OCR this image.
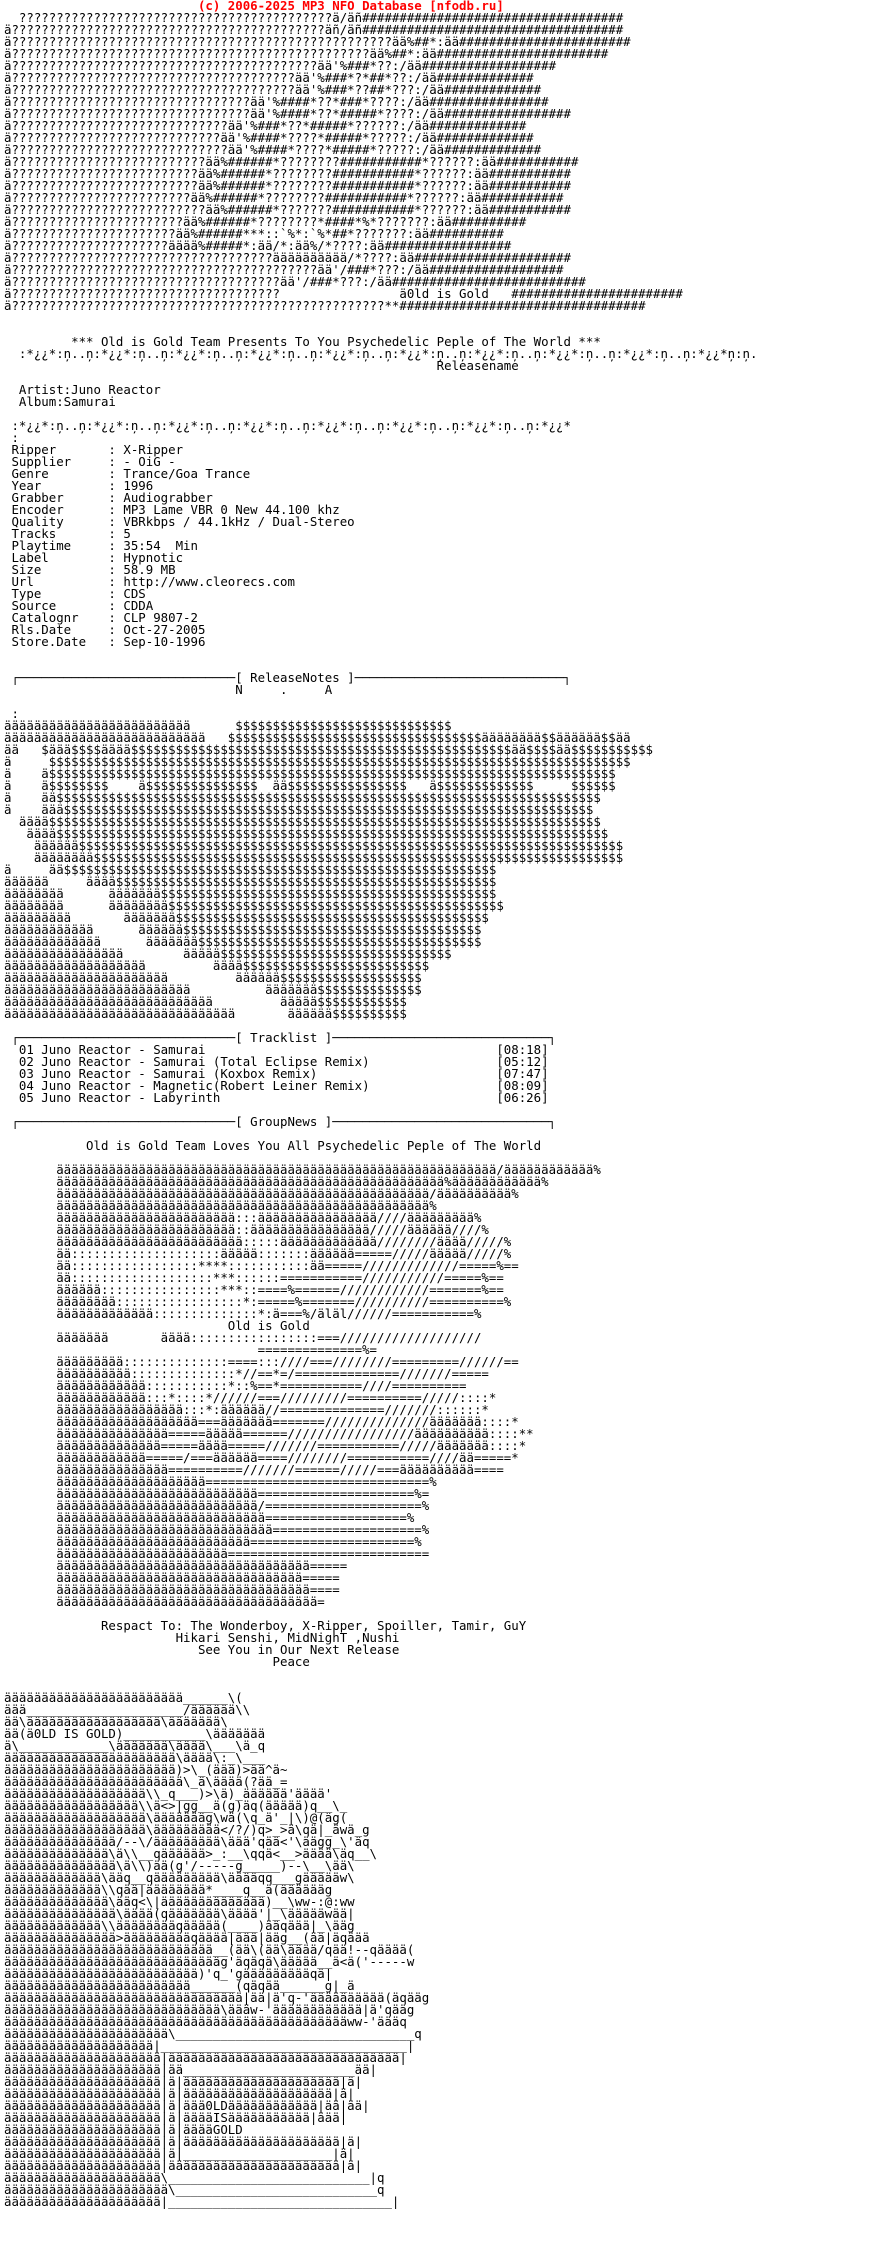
(c) 2006-2025 MP3 NFO Database [nfodb.ru]
??????????????????????????????????????????ä/äñ###################################
ä??????????????????????????????????????????äñ/äñ###################################
ä???????????????????????????????????????????????????ää%##*:ää#######################
ä????????????????????????????????????????????????ää%##*:ää#######################
ä?????????????????????????????????????????ää'%###*??:/ää##################
ä??????????????????????????????????????ää'%###*?*##*??:/ää#############
ä??????????????????????????????????????ää'%###*??##*???:/ää#############
ä????????????????????????????????ää'%####*??*###*????:/ää################
ä????????????????????????????????ää'%####*??*#####*????:/ää#################
ä?????????????????????????????ää'%###*??*#####*??????:/ää#############
ä????????????????????????????ää'%####*????*#####*?????:/ää#############
ä?????????????????????????????ää'%####*????*#####*?????:/ää#############
ä??????????????????????????ää%######*????????###########*??????:ää###########
ä?????????????????????????ää%######*????????###########*??????:ää###########
ä?????????????????????????ää%######*????????###########*??????:ää###########
ä????????????????????????ää%######*????????###########*??????:ää###########
ä??????????????????????????ää%######*???????###########*??????:ää###########
ä???????????????????????ää%######*????????*####*%*???????:ää##########
ä??????????????????????ää%######***::`%*:`%*##*???????:ää##########
ä?????????????????????ääää%#####*:ää/*:ää%/*????:ää#################
ä???????????????????????????????????ääääääääää/*????:ää#####################
ä?????????????????????????????????????????ää'/###*???:/ää##################
ä????????????????????????????????????ää'/###*???:/ää##########################
ä????????????????????????????????????                ä0ld is Gold   #######################
ä??????????????????????????????????????????????????**#################################
*** Old is Gold Team Presents To You Psychedelic Peple of The World ***
:*¿¿*:ņ..ņ:*¿¿*:ņ..ņ:*¿¿*:ņ..ņ:*¿¿*:ņ..ņ:*¿¿*:ņ..ņ:*¿¿*:ņ..ņ:*¿¿*:ņ..ņ:*¿¿*:ņ..ņ:*¿¿*:ņ..ņ:*¿¿*ņ:ņ.
Releasename
Artist:Juno Reactor
Album:Samurai
:*¿¿*:ņ..ņ:*¿¿*:ņ..ņ:*¿¿*:ņ..ņ:*¿¿*:ņ..ņ:*¿¿*:ņ..ņ:*¿¿*:ņ..ņ:*¿¿*:ņ..ņ:*¿¿*
:
Ripper       : X-Ripper
Supplier     : - OiG -
Genre        : Trance/Goa Trance
Year         : 1996
Grabber      : Audiograbber
Encoder      : MP3 Lame VBR 0 New 44.100 khz
Quality      : VBRkbps / 44.1kHz / Dual-Stereo
Tracks       : 5
Playtime     : 35:54  Min
Label        : Hypnotic
Size         : 58.9 MB
Url          : http://www.cleorecs.com
Type         : CDS
Source       : CDDA
Catalognr    : CLP 9807-2
Rls.Date     : Oct-27-2005
Store.Date   : Sep-10-1996
┌─────────────────────────────[ ReleaseNotes ]────────────────────────────┐
N     .     A
:
äääääääääääääääääääääääää      $$$$$$$$$$$$$$$$$$$$$$$$$$$$$
äääääääääääääääääääääääääää   $$$$$$$$$$$$$$$$$$$$$$$$$$$$$$$$$$ääääääää$$ääääää$$ää
ää   $äää$$$$ääää$$$$$$$$$$$$$$$$$$$$$$$$$$$$$$$$$$$$$$$$$$$$$$$$$$$ää$$$$ää$$$$$$$$$$$
ä     $$$$$$$$$$$$$$$$$$$$$$$$$$$$$$$$$$$$$$$$$$$$$$$$$$$$$$$$$$$$$$$$$$$$$$$$$$$$$$
ä    ä$$$$$$$$$$$$$$$$$$$$$$$$$$$$$$$$$$$$$$$$$$$$$$$$$$$$$$$$$$$$$$$$$$$$$$$$$$$$
ä    ä$$$$$$$$    ä$$$$$$$$$$$$$$$  ää$$$$$$$$$$$$$$$$   ä$$$$$$$$$$$$$     $$$$$$
ä    ää$$$$$$$$$$$$$$$$$$$$$$$$$$$$$$$$$$$$$$$$$$$$$$$$$$$$$$$$$$$$$$$$$$$$$$$$$
ä    äää$$$$$$$$$$$$$$$$$$$$$$$$$$$$$$$$$$$$$$$$$$$$$$$$$$$$$$$$$$$$$$$$$$$$$$$
ääää$$$$$$$$$$$$$$$$$$$$$$$$$$$$$$$$$$$$$$$$$$$$$$$$$$$$$$$$$$$$$$$$$$$$$$$$$$
ääää$$$$$$$$$$$$$$$$$$$$$$$$$$$$$$$$$$$$$$$$$$$$$$$$$$$$$$$$$$$$$$$$$$$$$$$$$$
ääääää$$$$$$$$$$$$$$$$$$$$$$$$$$$$$$$$$$$$$$$$$$$$$$$$$$$$$$$$$$$$$$$$$$$$$$$$$
ääääääää$$$$$$$$$$$$$$$$$$$$$$$$$$$$$$$$$$$$$$$$$$$$$$$$$$$$$$$$$$$$$$$$$$$$$$$
ä     ää$$$$$$$$$$$$$$$$$$$$$$$$$$$$$$$$$$$$$$$$$$$$$$$$$$$$$$$$$$
ääääää     ääää$$$$$$$$$$$$$$$$$$$$$$$$$$$$$$$$$$$$$$$$$$$$$$$$$$$
ääääääää      äääääää$$$$$$$$$$$$$$$$$$$$$$$$$$$$$$$$$$$$$$$$$$$$$
ääääääää      ääääääää$$$$$$$$$$$$$$$$$$$$$$$$$$$$$$$$$$$$$$$$$$$$$
äääääääää       äääääää$$$$$$$$$$$$$$$$$$$$$$$$$$$$$$$$$$$$$$$$$$
ääääääääääää      ääääää$$$$$$$$$$$$$$$$$$$$$$$$$$$$$$$$$$$$$$$$
äääääääääääää      äääääää$$$$$$$$$$$$$$$$$$$$$$$$$$$$$$$$$$$$$$
ääääääääääääääää        äääää$$$$$$$$$$$$$$$$$$$$$$$$$$$$$$$
äääääääääääääääääää         ääää$$$$$$$$$$$$$$$$$$$$$$$$$
ääääääääääääääääääääää         ääääää$$$$$$$$$$$$$$$$$$$
äääääääääääääääääääääääää          äääääää$$$$$$$$$$$$$$
ääääääääääääääääääääääääääää         äääää$$$$$$$$$$$$
äääääääääääääääääääääääääääääää       ääääää$$$$$$$$$$
┌─────────────────────────────[ Tracklist ]─────────────────────────────┐
01 Juno Reactor - Samurai                                       [08:18]
02 Juno Reactor - Samurai (Total Eclipse Remix)                 [05:12]
03 Juno Reactor - Samurai (Koxbox Remix)                        [07:47]
04 Juno Reactor - Magnetic(Robert Leiner Remix)                 [08:09]
05 Juno Reactor - Labyrinth                                     [06:26]
┌─────────────────────────────[ GroupNews ]─────────────────────────────┐
Old is Gold Team Loves You All Psychedelic Peple of The World
äääääääääääääääääääääääääääääääääääääääääääääääääääääääääää/ääääääääääää%
ääääääääääääääääääääääääääääääääääääääääääääääääääää%ääääääääääää%
ääääääääääääääääääääääääääääääääääääääääääääääääää/ääääääääää%
ääääääääääääääääääääääääääääääääääääääääääääääääää%
ääääääääääääääääääääääää:::ääääääääääääääää////äääääääää%
ääääääääääääääääääääääää::ääääääääääääääää/////ääääää////%
äääääääääääääääääääääääää:::::äääääääääääää////////ääää/////%
ää::::::::::::::::::::äääää:::::::ääääää=====/////äääää/////%
ää:::::::::::::::::****:::::::::::ää=====/////////////=====%==
ää:::::::::::::::::::***::::::===========///////////=====%==
ääääää::::::::::::::::***::====%======////////////=======%==
ääääääää:::::::::::::::::*:=====%=======//////////==========%
äääääääääääää::::::::::::::*:ä===%/äläl//////===========%
Old is Gold
äääääää       ääää:::::::::::::::::===///////////////////
==============%=
äääääääää::::::::::::::====:::////===////////=========//////==
ääääääääää::::::::::::::*//==*=/==============///////=====
ääääääääääää:::::::::::*::%==*===========////==========
ääääääääääää:::*::::*//////===/////////==========/////::::*
äääääääääääääääää:::*:ääääää//==============///////::::::*
äääääääääääääääääää===äääääää=======//////////////äääääää::::*
äääääääääääääää=====äääää======/////////////////ääääääääää::::**
ääääääääääääää=====ääää=====///////===========/////äääääää::::*
ääääääääääää=====/===ääääää====////////===========////ää=====*
äääääääääääääää==========///////======/////===ääääääääää====
ääääääääääääääääääää==============================%
äääääääääääääääääääääääääää=====================%=
äääääääääääääääääääääääääää/=====================%
ääääääääääääääääääääääääääää===================%
äääääääääääääääääääääääääääää====================%
ääääääääääääääääääääääääää======================%
äääääääääääääääääääääää===========================
ääääääääääääääääääääääääääääääääää=====
äääääääääääääääääääääääääääääääää=====
ääääääääääääääääääääääääääääääääää====
äääääääääääääääääääääääääääääääääää=
Respact To: The Wonderboy, X-Ripper, Spoiller, Tamir, GuY
Hikari Senshi, MidNighT ,Nushi
See You in Our Next Release
Peace
ääääääääääääääääääääääää______\(
äää_____________________/ääääää\\
ää\ääääääääääääääääää\äääääää\
ää(ä0LD IS GOLD)___________\äääääää
ä\____________\äääääää\ääää\___\ä_q
äääääääääääääääääääääää\ääää\:_\___
äääääääääääääääääääääää)>\_(äää)>ää^ä~
ääääääääääääääääääääääää\_ä\ääää(?ää_=
äääääääääääääääääää\\_q___)>\ä)_ääääää'ääää'
ääääääääääääääääää\\ä<>|gg__ä(g)äq(äääää)q__\_
äääääääääääääääääää\äääääääg\wä(\q_ä'_|\)@(äg(
äääääääääääääääääää\äääääääää</?/)q>_>ä\qä|_äwä_g
äääääääääääääää/--\/äääääääää\äää'qää<'\äägg_\'äq
ääääääääääääää\ä\\__qääääää>_:__\qqä<__>ääää\äq__\
äääääääääääääää\ä\\)ää(g'/-----g_____)--\__\ää\
äääääääääääää\ääq__qäääääääää\ääääqq___gäääääw\
äääääääääääää\\qää|ääääääää*____q__ä(ääääääg
ääääääääääääää\ääq<\|ääääääääääääää)__\ww-:@:ww
äääääääääääääää\ääää(qäääääää\ääää'|_\äääääwää|
äääääääääääää\\ääääääääqäääää(____)ääqäää|_\ääg
äääääääääääääää>äääääääääqääää|äää|ääg__(ää|äqäää
ääääääääääääääääääääääääääää__(ää\(ää\ääää/qää!--qääää(
äääääääääääääääääääääääääääääg'äqäqä\äääää__ä<ä('-----w
ääääääääääääääääääääääääää)'q_'gäääääääääqä|
äääääääääääääääääääääääää______(qäqää______g|_ä
ääääääääääääääääääääääääääääääää|ää|ä'q-'ääääääääää(äqääg
äääääääääääääääääääääääääääää\äääw-'ääääääääääää|ä'qääg
ääääääääääääääääääääääääääääääääääääääääääääääww-'äääq
ääääääääääääääääääääää\________________________________q
ääääääääääääääääääää|_________________________________|
äääääääääääääääääääää|äääääääääääääääääääääääääääääää|
äääääääääääääääääääää|ää_______________________ää|
äääääääääääääääääääää|ä|äääääääääääääääääääää|ä|
äääääääääääääääääääää|ä|ääääääääääääääääääää|ä|
äääääääääääääääääääää|ä|äää0LDääääääääääää|ää|ää|
äääääääääääääääääääää|ä|ääääISäääääääääää|äää|
äääääääääääääääääääää|ä|ääääGOLD
äääääääääääääääääääää|ä|äääääääääääääääääääää|ä|
äääääääääääääääääääää|ä|____________________|ä|
äääääääääääääääääääää|äääääääääääääääääääääää|ä|
äääääääääääääääääääää\___________________________|q
ääääääääääääääääääääää\___________________________q
äääääääääääääääääääää|______________________________|
